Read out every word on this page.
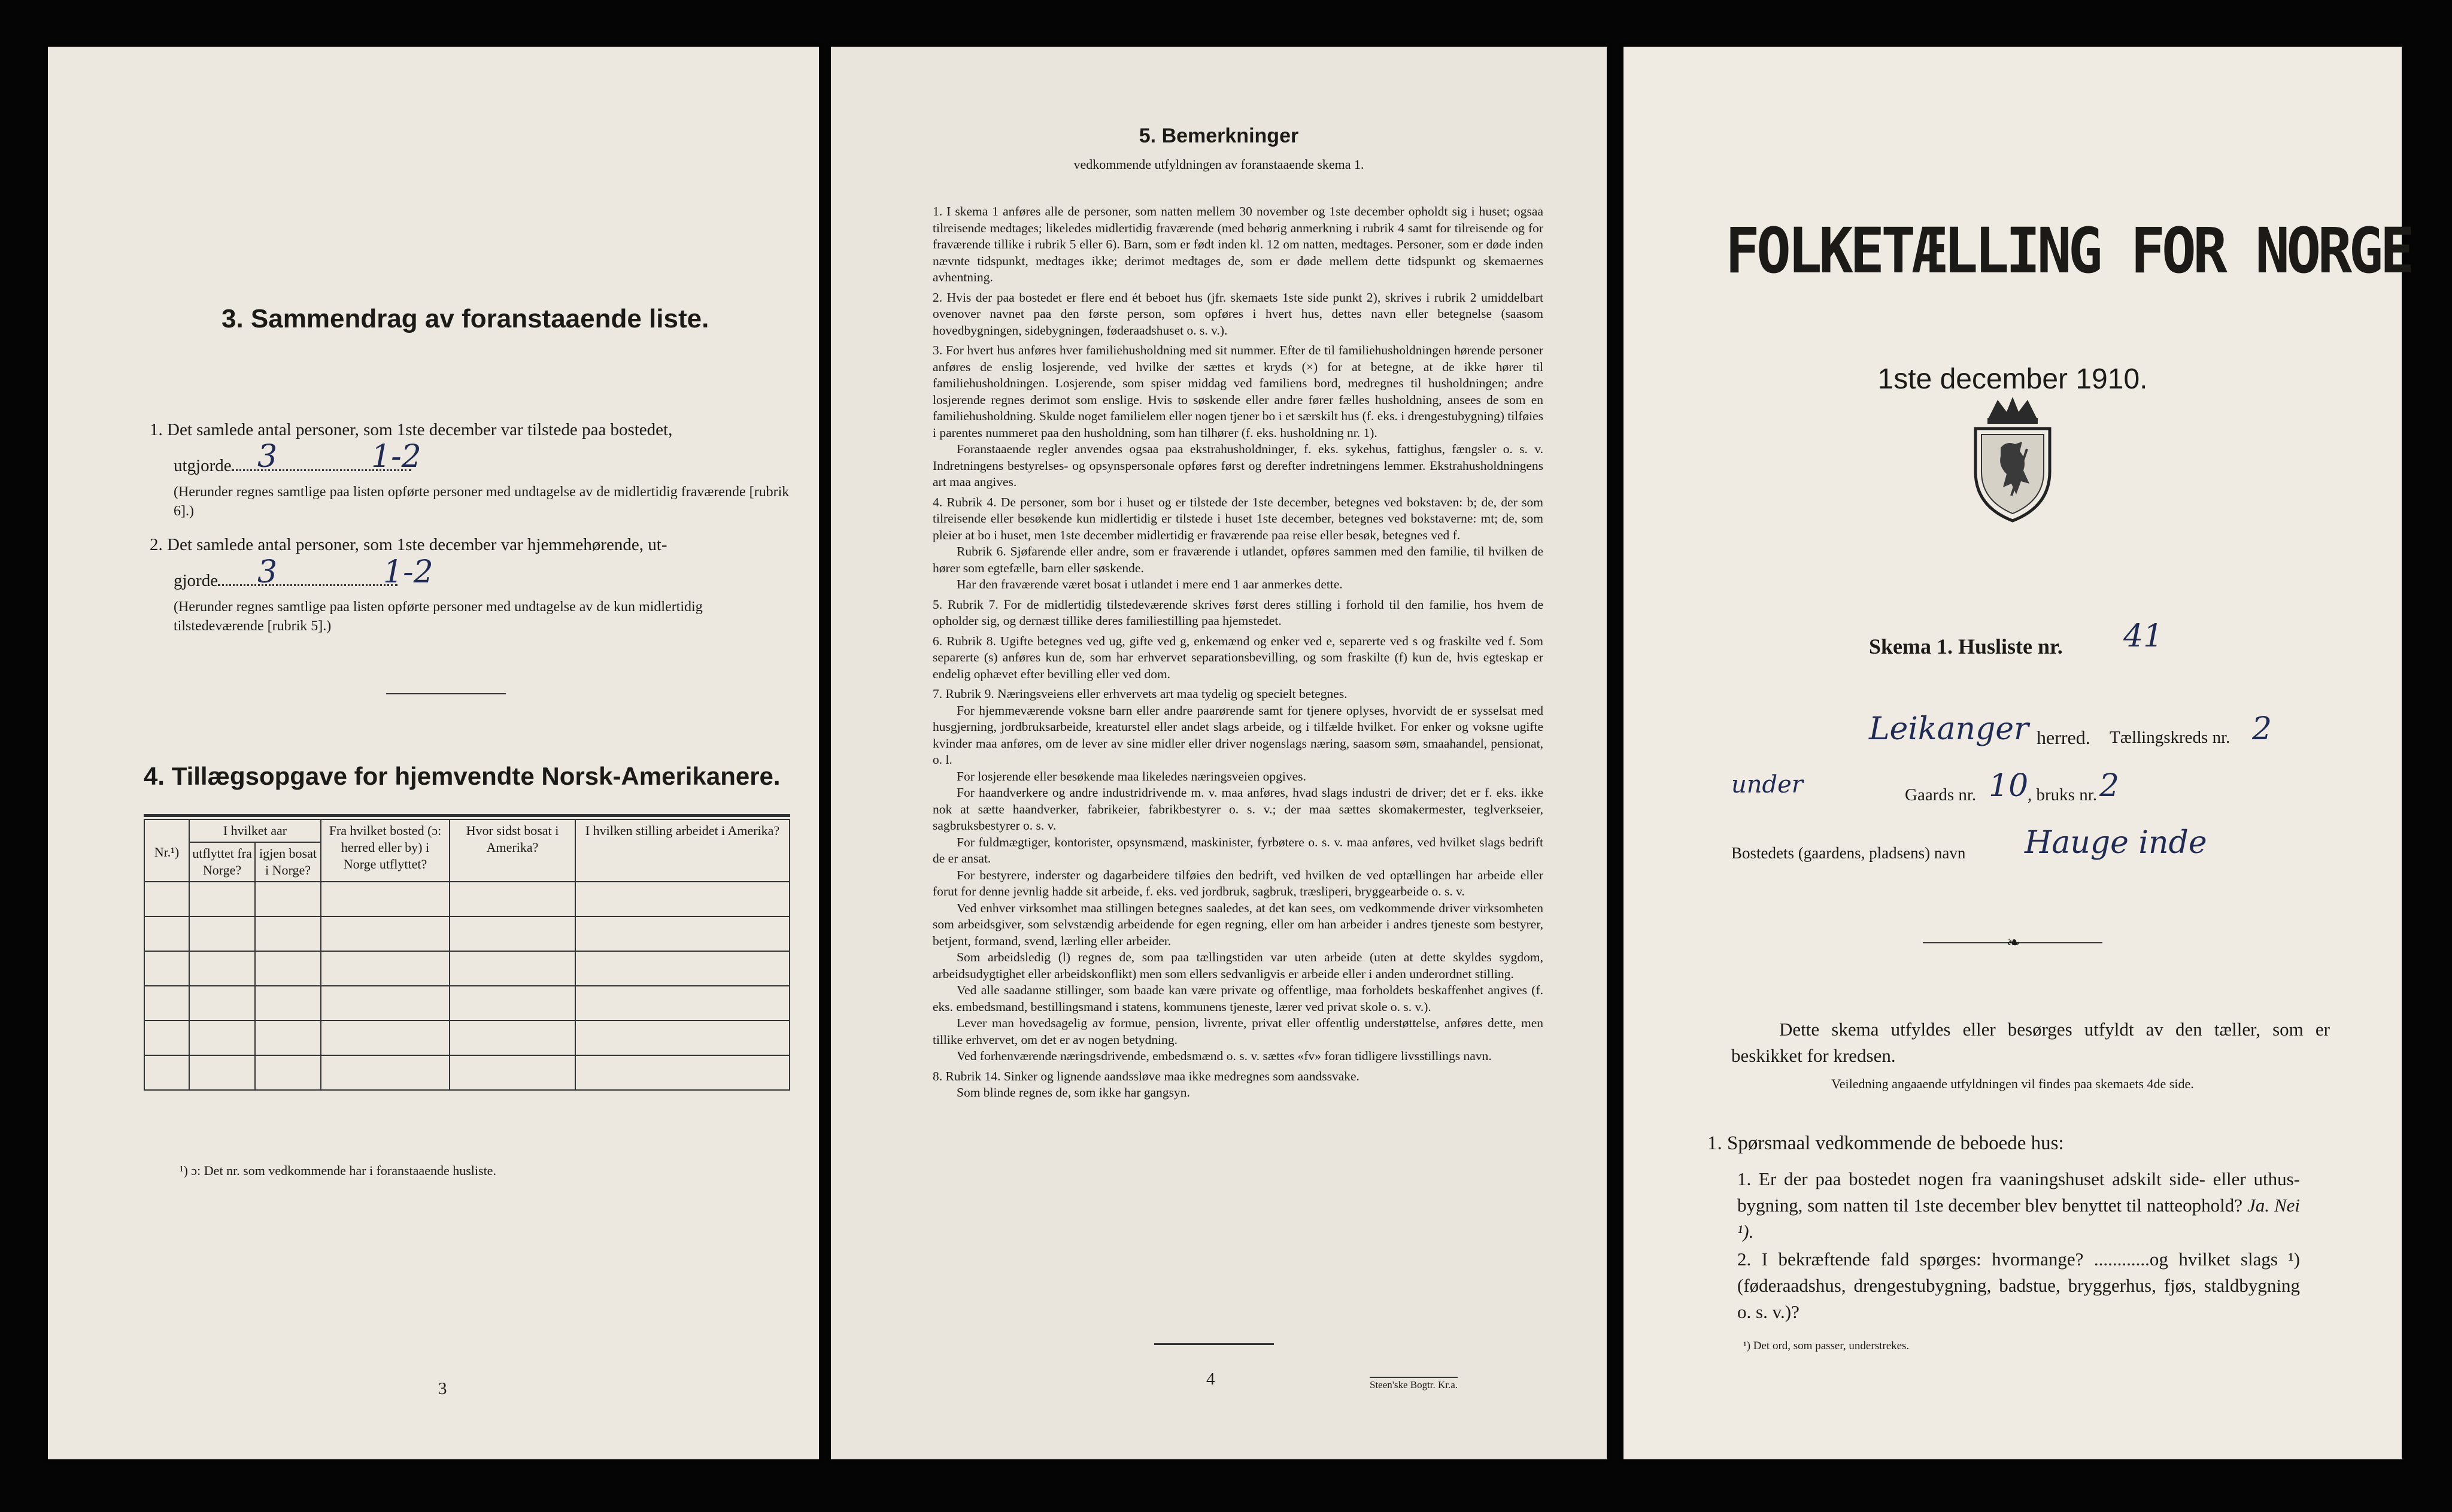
3. Sammendrag av foranstaaende liste.
1. Det samlede antal personer, som 1ste december var tilstede paa bostedet,
utgjorde 3	1-2
(Herunder regnes samtlige paa listen opførte personer med undtagelse av de midlertidig fraværende [rubrik 6].)
2. Det samlede antal personer, som 1ste december var hjemmehørende, ut-
gjorde	3	1-2
(Herunder regnes samtlige paa listen opførte personer med undtagelse av de kun midlertidig tilstedeværende [rubrik 5].)
4. Tillægsopgave for hjemvendte Norsk-Amerikanere.
Nr.¹)	I hvilket aar		Fra hvilket bosted (ɔ: herred eller by) i Norge utflyttet?	Hvor sidst bosat i Amerika?	I hvilken stilling arbeidet i Amerika?
	utflyttet fra Norge?	igjen bosat i Norge?			

¹) ɔ: Det nr. som vedkommende har i foranstaaende husliste.
3
5. Bemerkninger
vedkommende utfyldningen av foranstaaende skema 1.

1. I skema 1 anføres alle de personer, som natten mellem 30 november og 1ste december opholdt sig i huset; ogsaa tilreisende medtages; likeledes midlertidig fraværende (med behørig anmerkning i rubrik 4 samt for tilreisende og for fraværende tillike i rubrik 5 eller 6). Barn, som er født inden kl. 12 om natten, medtages. Personer, som er døde inden nævnte tidspunkt, medtages ikke; derimot medtages de, som er døde mellem dette tidspunkt og skemaernes avhentning.

2. Hvis der paa bostedet er flere end ét beboet hus (jfr. skemaets 1ste side punkt 2), skrives i rubrik 2 umiddelbart ovenover navnet paa den første person, som opføres i hvert hus, dettes navn eller betegnelse (saasom hovedbygningen, sidebygningen, føderaadshuset o. s. v.).

3. For hvert hus anføres hver familiehusholdning med sit nummer. Efter de til familiehusholdningen hørende personer anføres de enslig losjerende, ved hvilke der sættes et kryds (×) for at betegne, at de ikke hører til familiehusholdningen. Losjerende, som spiser middag ved familiens bord, medregnes til husholdningen; andre losjerende regnes derimot som enslige. Hvis to søskende eller andre fører fælles husholdning, ansees de som en familiehusholdning. Skulde noget familielem eller nogen tjener bo i et særskilt hus (f. eks. i drengestubygning) tilføies i parentes nummeret paa den husholdning, som han tilhører (f. eks. husholdning nr. 1).

Foranstaaende regler anvendes ogsaa paa ekstrahusholdninger, f. eks. sykehus, fattighus, fængsler o. s. v. Indretningens bestyrelses- og opsynspersonale opføres først og derefter indretningens lemmer. Ekstrahusholdningens art maa angives.

4. Rubrik 4. De personer, som bor i huset og er tilstede der 1ste december, betegnes ved bokstaven: b; de, der som tilreisende eller besøkende kun midlertidig er tilstede i huset 1ste december, betegnes ved bokstaverne: mt; de, som pleier at bo i huset, men 1ste december midlertidig er fraværende paa reise eller besøk, betegnes ved f.

Rubrik 6. Sjøfarende eller andre, som er fraværende i utlandet, opføres sammen med den familie, til hvilken de hører som egtefælle, barn eller søskende.

Har den fraværende været bosat i utlandet i mere end 1 aar anmerkes dette.

5. Rubrik 7. For de midlertidig tilstedeværende skrives først deres stilling i forhold til den familie, hos hvem de opholder sig, og dernæst tillike deres familiestilling paa hjemstedet.

6. Rubrik 8. Ugifte betegnes ved ug, gifte ved g, enkemænd og enker ved e, separerte ved s og fraskilte ved f. Som separerte (s) anføres kun de, som har erhvervet separationsbevilling, og som fraskilte (f) kun de, hvis egteskap er endelig ophævet efter bevilling eller ved dom.

7. Rubrik 9. Næringsveiens eller erhvervets art maa tydelig og specielt betegnes.

For hjemmeværende voksne barn eller andre paarørende samt for tjenere oplyses, hvorvidt de er sysselsat med husgjerning, jordbruksarbeide, kreaturstel eller andet slags arbeide, og i tilfælde hvilket. For enker og voksne ugifte kvinder maa anføres, om de lever av sine midler eller driver nogenslags næring, saasom søm, smaahandel, pensionat, o. l.

For losjerende eller besøkende maa likeledes næringsveien opgives.

For haandverkere og andre industridrivende m. v. maa anføres, hvad slags industri de driver; det er f. eks. ikke nok at sætte haandverker, fabrikeier, fabrikbestyrer o. s. v.; der maa sættes skomakermester, teglverkseier, sagbruksbestyrer o. s. v.

For fuldmægtiger, kontorister, opsynsmænd, maskinister, fyrbøtere o. s. v. maa anføres, ved hvilket slags bedrift de er ansat.

For bestyrere, inderster og dagarbeidere tilføies den bedrift, ved hvilken de ved optællingen har arbeide eller forut for denne jevnlig hadde sit arbeide, f. eks. ved jordbruk, sagbruk, træsliperi, bryggearbeide o. s. v.

Ved enhver virksomhet maa stillingen betegnes saaledes, at det kan sees, om vedkommende driver virksomheten som arbeidsgiver, som selvstændig arbeidende for egen regning, eller om han arbeider i andres tjeneste som bestyrer, betjent, formand, svend, lærling eller arbeider.

Som arbeidsledig (l) regnes de, som paa tællingstiden var uten arbeide (uten at dette skyldes sygdom, arbeidsudygtighet eller arbeidskonflikt) men som ellers sedvanligvis er arbeide eller i anden underordnet stilling.

Ved alle saadanne stillinger, som baade kan være private og offentlige, maa forholdets beskaffenhet angives (f. eks. embedsmand, bestillingsmand i statens, kommunens tjeneste, lærer ved privat skole o. s. v.).

Lever man hovedsagelig av formue, pension, livrente, privat eller offentlig understøttelse, anføres dette, men tillike erhvervet, om det er av nogen betydning.

Ved forhenværende næringsdrivende, embedsmænd o. s. v. sættes «fv» foran tidligere livsstillings navn.

8. Rubrik 14. Sinker og lignende aandssløve maa ikke medregnes som aandssvake.

Som blinde regnes de, som ikke har gangsyn.

4	Steen'ske Bogtr. Kr.a.
FOLKETÆLLING FOR NORGE
1ste december 1910.
Skema 1. Husliste nr. 41
Leikanger herred. Tællingskreds nr. 2
under	Gaards nr. 10
, bruks nr. 2
Bostedets (gaardens, pladsens) navn Hauge inde
❧
Dette skema utfyldes eller besørges utfyldt av den tæller, som er beskikket for kredsen.
Veiledning angaaende utfyldningen vil findes paa skemaets 4de side.
1. Spørsmaal vedkommende de beboede hus:
1. Er der paa bostedet nogen fra vaaningshuset adskilt side- eller uthus-bygning, som natten til 1ste december blev benyttet til natteophold? Ja. Nei ¹).
2. I bekræftende fald spørges: hvormange? ............og hvilket slags ¹) (føderaadshus, drengestubygning, badstue, bryggerhus, fjøs, staldbygning o. s. v.)?
¹) Det ord, som passer, understrekes.
